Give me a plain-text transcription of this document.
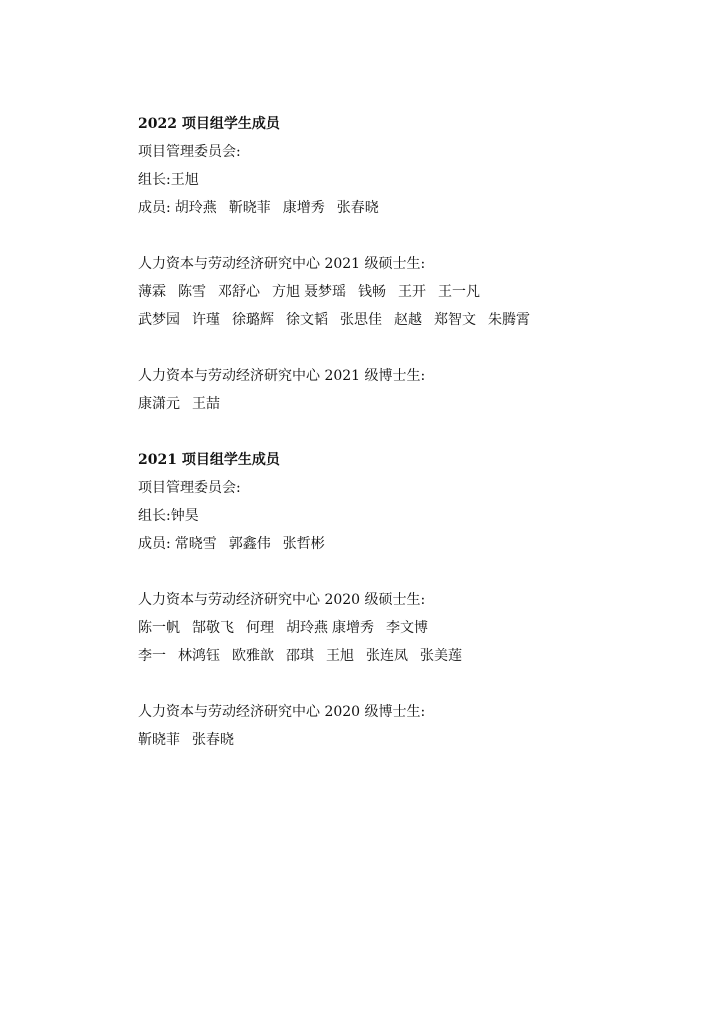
2022 项目组学生成员
项目管理委员会:
组长:王旭
成员: 胡玲燕 靳晓菲 康增秀 张春晓
人力资本与劳动经济研究中心 2021 级硕士生:
薄霖 陈雪 邓舒心 方旭 聂梦瑶 钱畅 王开 王一凡
武梦园 许瑾 徐璐辉 徐文韬 张思佳 赵越 郑智文 朱腾霄
人力资本与劳动经济研究中心 2021 级博士生:
康潇元 王喆
2021 项目组学生成员
项目管理委员会:
组长:钟昊
成员: 常晓雪 郭鑫伟 张哲彬
人力资本与劳动经济研究中心 2020 级硕士生:
陈一帆 郜敬飞 何理 胡玲燕 康增秀 李文博
李一 林鸿钰 欧雅歆 邵琪 王旭 张连凤 张美莲
人力资本与劳动经济研究中心 2020 级博士生:
靳晓菲 张春晓
